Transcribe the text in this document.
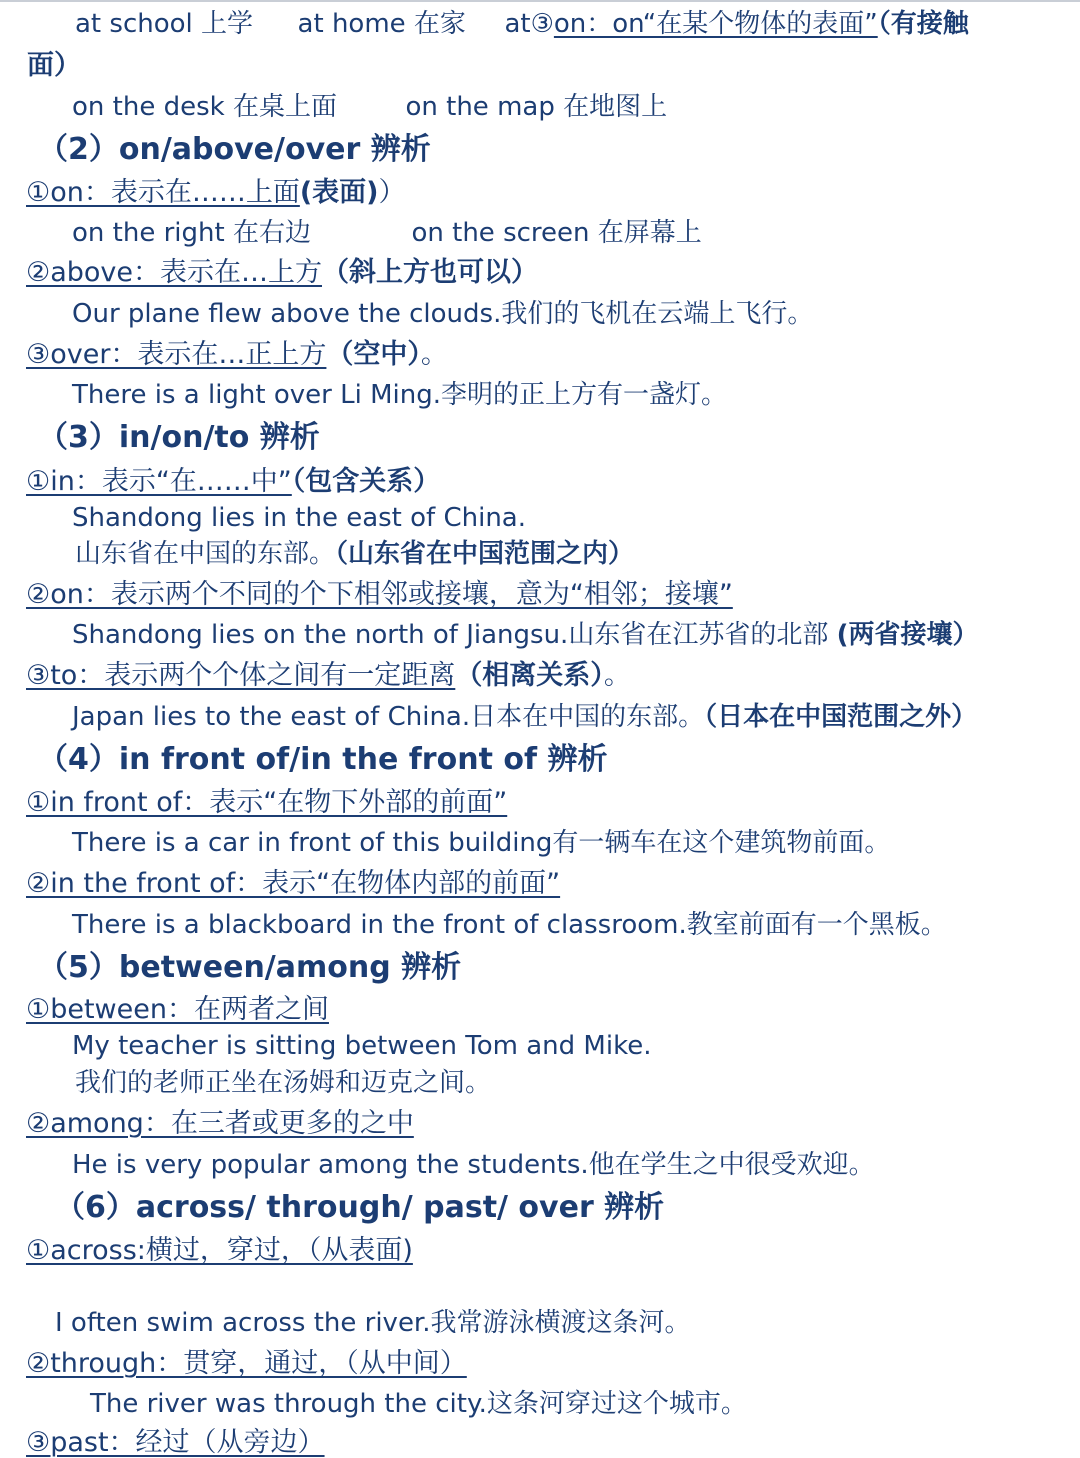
at school 上学 at home 在家 at③on：on“在某个物体的表面”（有接触
面）
on the desk 在桌上面	on the map 在地图上
（2）on/above/over 辨析
①on：表示在……上面(表面)）
on the right 在右边	on the screen 在屏幕上
②above：表示在…上方（斜上方也可以）
Our plane flew above the clouds.我们的飞机在云端上飞行。
③over：表示在…正上方（空中）。
There is a light over Li Ming.李明的正上方有一盏灯。
（3）in/on/to 辨析
①in：表示“在……中”（包含关系）
Shandong lies in the east of China.
山东省在中国的东部。（山东省在中国范围之内）
②on：表示两个不同的个下相邻或接壤，意为“相邻；接壤”
Shandong lies on the north of Jiangsu.山东省在江苏省的北部 (两省接壤）
③to：表示两个个体之间有一定距离（相离关系）。
Japan lies to the east of China.日本在中国的东部。（日本在中国范围之外）
（4）in front of/in the front of 辨析
①in front of：表示“在物下外部的前面”
There is a car in front of this building有一辆车在这个建筑物前面。
②in the front of：表示“在物体内部的前面”
There is a blackboard in the front of classroom.教室前面有一个黑板。
（5）between/among 辨析
①between：在两者之间
My teacher is sitting between Tom and Mike.
我们的老师正坐在汤姆和迈克之间。
②among：在三者或更多的之中
He is very popular among the students.他在学生之中很受欢迎。
（6）across/ through/ past/ over 辨析
①across:横过，穿过，（从表面)
I often swim across the river.我常游泳横渡这条河。
②through：贯穿，通过，（从中间）
The river was through the city.这条河穿过这个城市。
③past：经过（从旁边）
